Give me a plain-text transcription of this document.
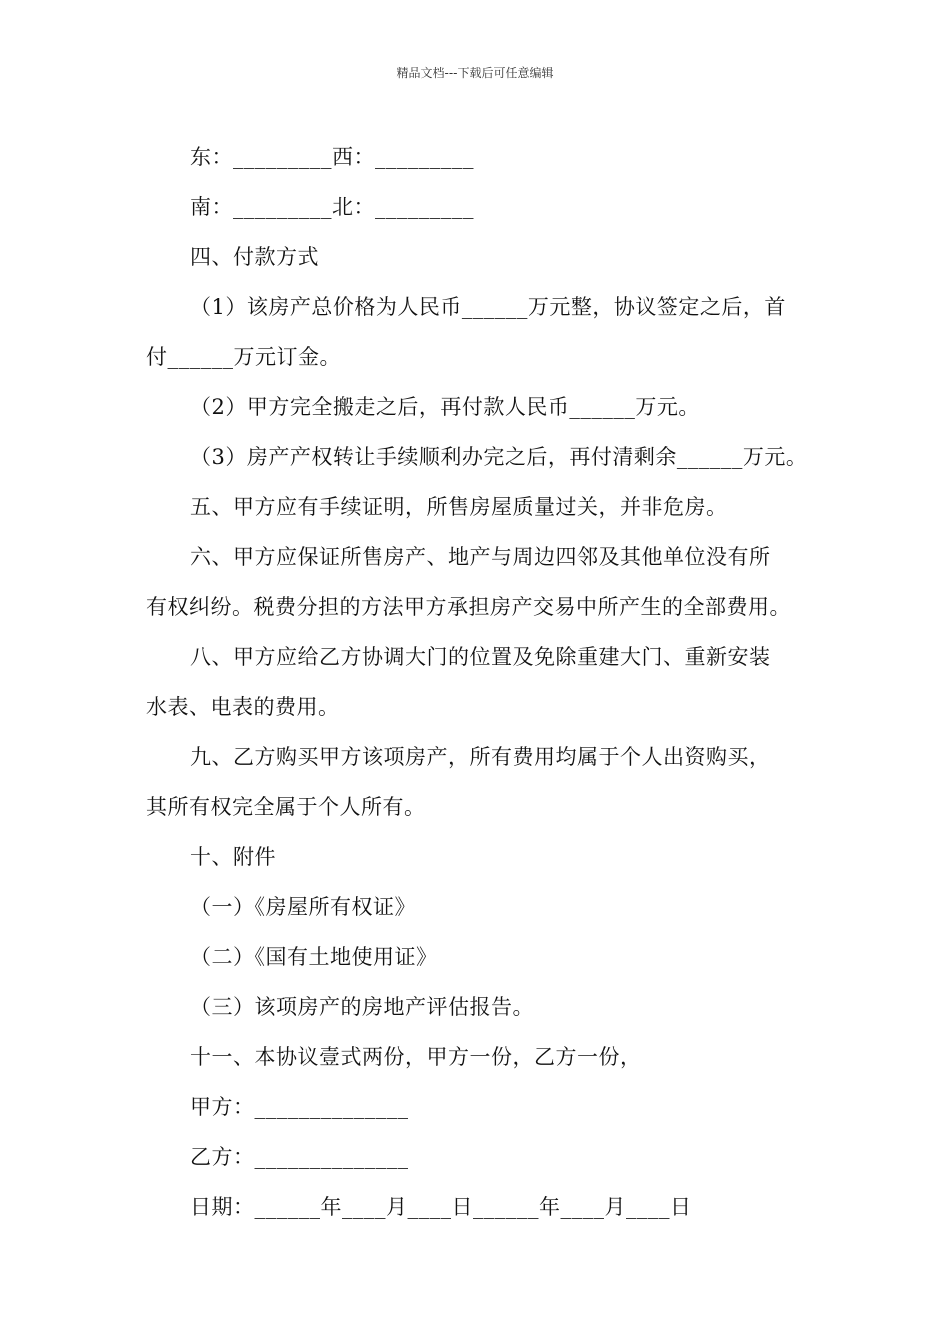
精品文档---下载后可任意编辑
东：_________西：_________
南：_________北：_________
四、付款方式
（1）该房产总价格为人民币______万元整，协议签定之后，首
付______万元订金。
（2）甲方完全搬走之后，再付款人民币______万元。
（3）房产产权转让手续顺利办完之后，再付清剩余______万元。
五、甲方应有手续证明，所售房屋质量过关，并非危房。
六、甲方应保证所售房产、地产与周边四邻及其他单位没有所
有权纠纷。税费分担的方法甲方承担房产交易中所产生的全部费用。
八、甲方应给乙方协调大门的位置及免除重建大门、重新安装
水表、电表的费用。
九、乙方购买甲方该项房产，所有费用均属于个人出资购买，
其所有权完全属于个人所有。
十、附件
（一）《房屋所有权证》
（二）《国有土地使用证》
（三）该项房产的房地产评估报告。
十一、本协议壹式两份，甲方一份，乙方一份，
甲方：______________
乙方：______________
日期：______年____月____日______年____月____日
